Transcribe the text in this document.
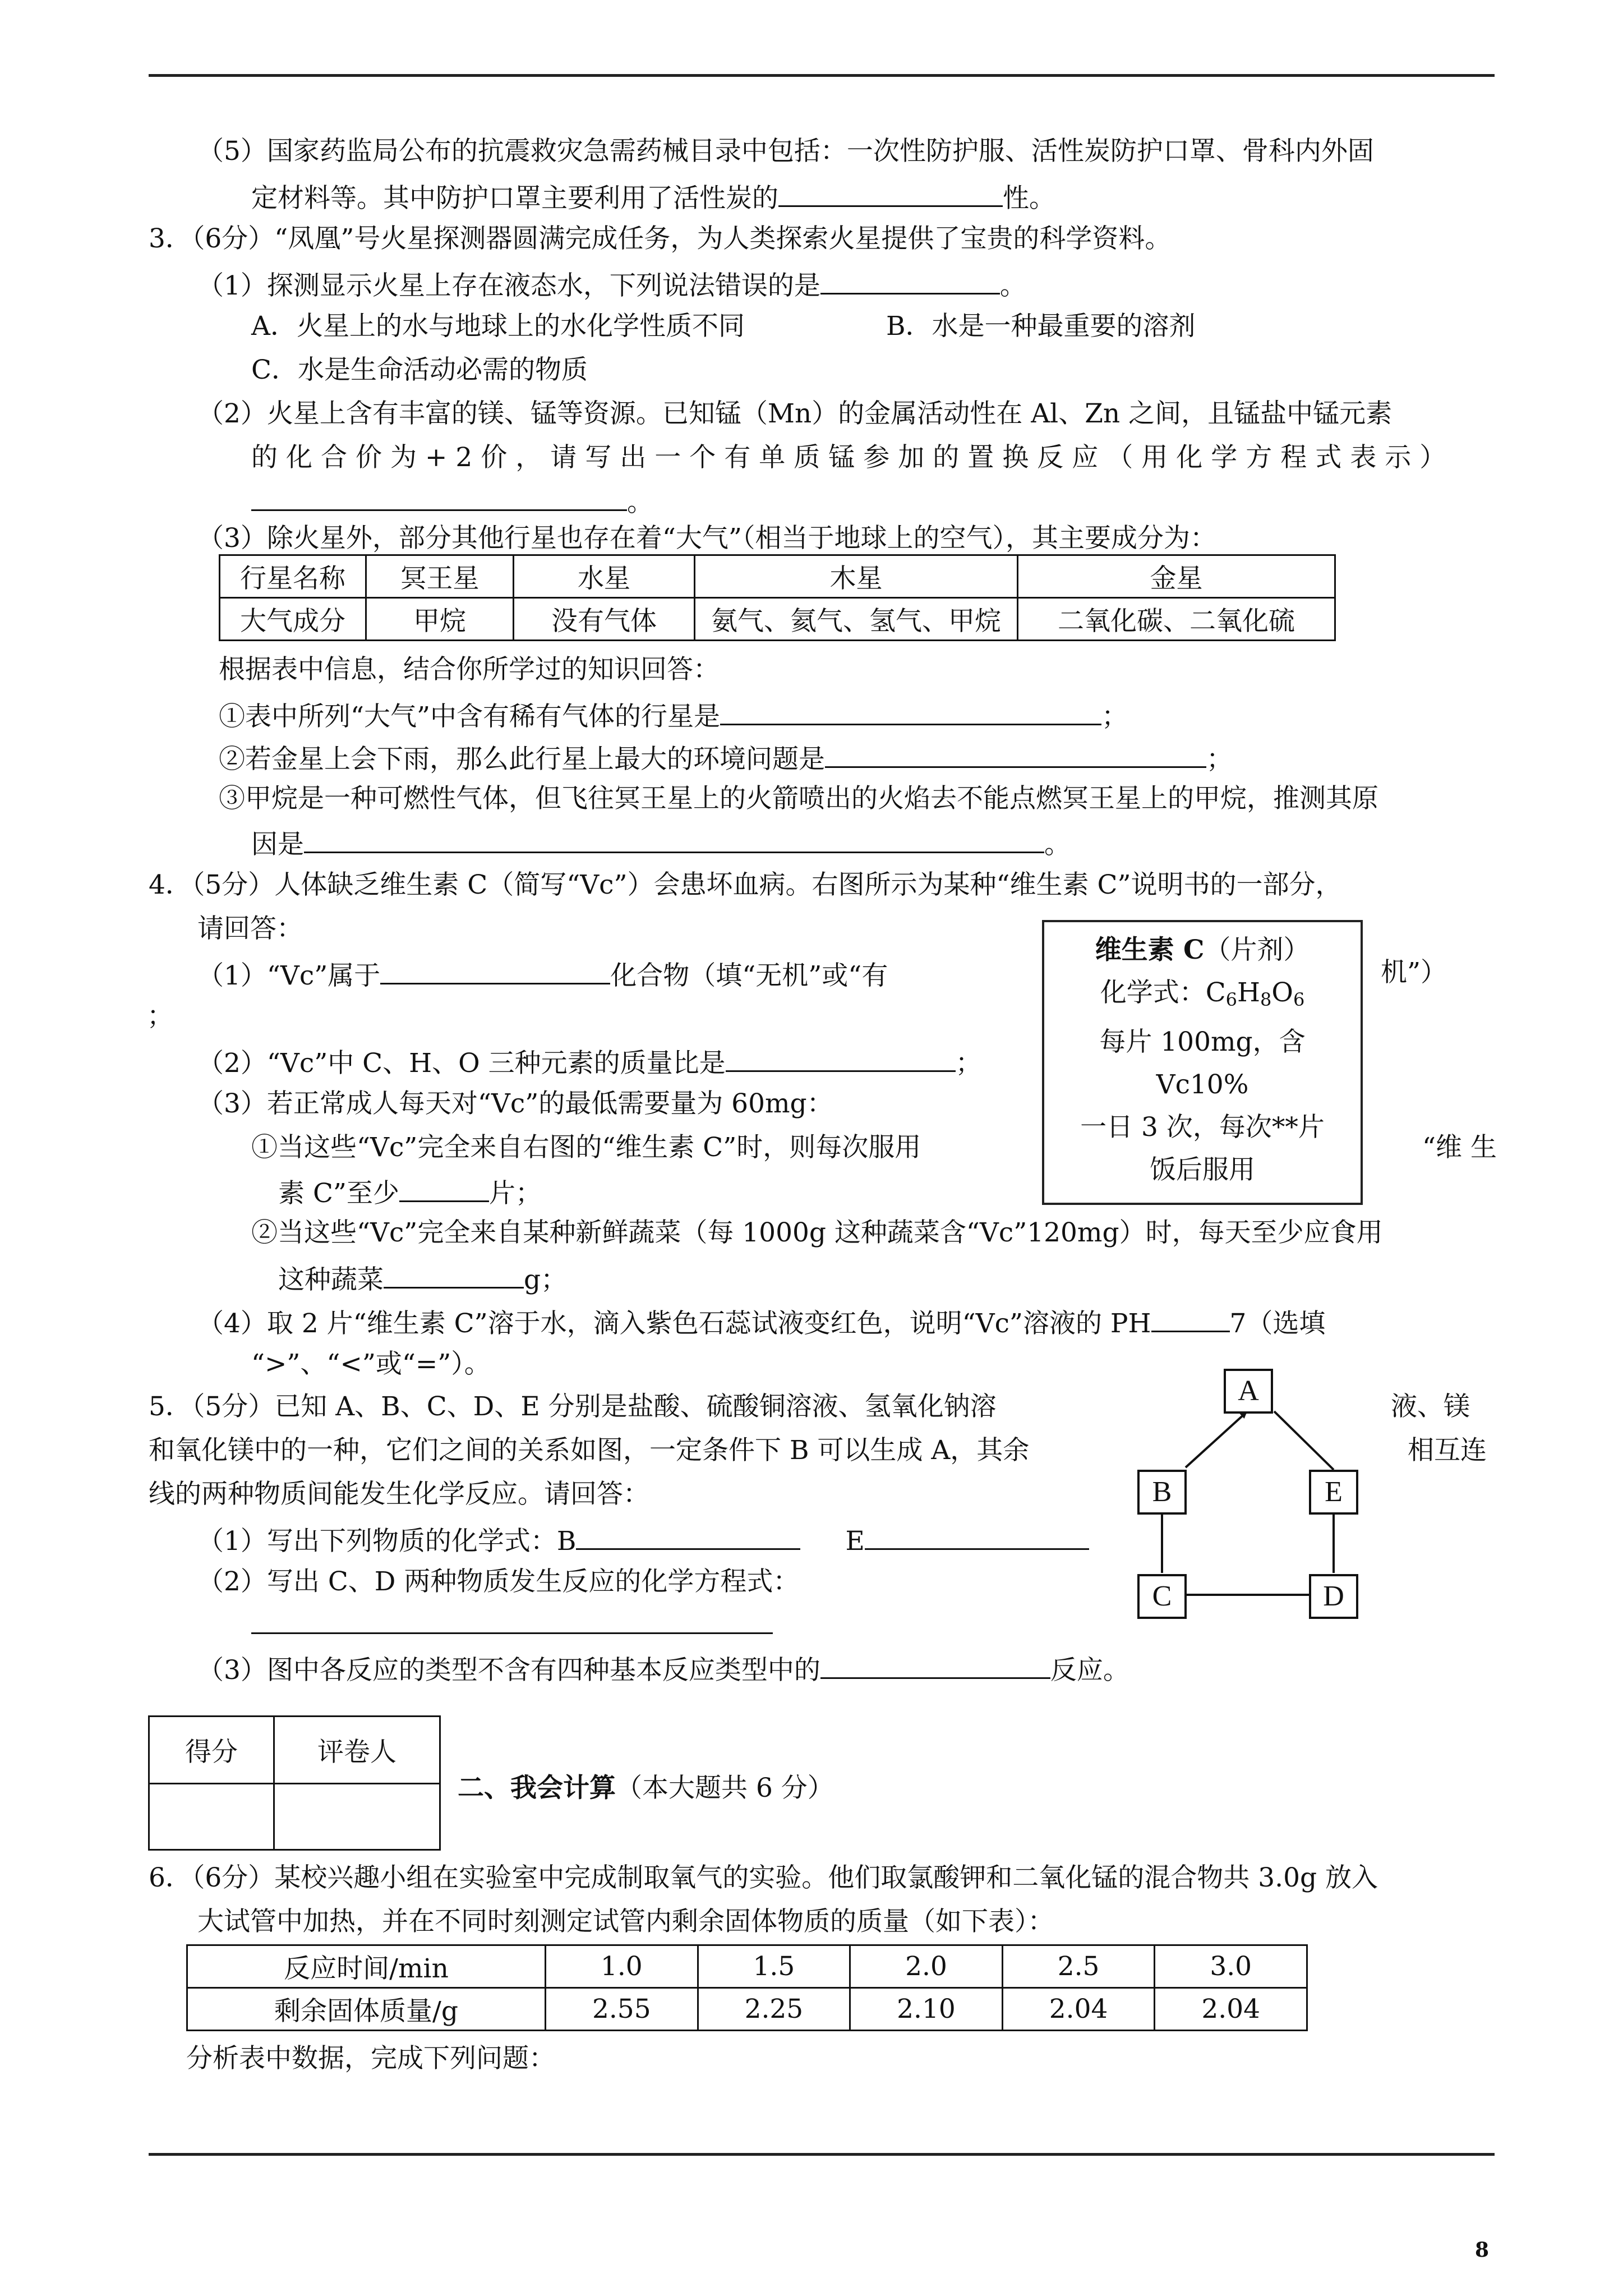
（5）国家药监局公布的抗震救灾急需药械目录中包括：一次性防护服、活性炭防护口罩、骨科内外固
定材料等。其中防护口罩主要利用了活性炭的	性。
3．（6分）“凤凰”号火星探测器圆满完成任务，为人类探索火星提供了宝贵的科学资料。
（1）探测显示火星上存在液态水，下列说法错误的是	。
A．火星上的水与地球上的水化学性质不同	B．水是一种最重要的溶剂
C．水是生命活动必需的物质
（2）火星上含有丰富的镁、锰等资源。已知锰（Mn）的金属活动性在 Al、Zn 之间，且锰盐中锰元素
的化合价为+2价，请写出一个有单质锰参加的置换反应（用化学方程式表示）
。
（3）除火星外，部分其他行星也存在着“大气”（相当于地球上的空气），其主要成分为：
行星名称	冥王星	水星	木星	金星
大气成分	甲烷	没有气体	氨气、氦气、氢气、甲烷	二氧化碳、二氧化硫
根据表中信息，结合你所学过的知识回答：
①表中所列“大气”中含有稀有气体的行星是	；
②若金星上会下雨，那么此行星上最大的环境问题是	；
③甲烷是一种可燃性气体，但飞往冥王星上的火箭喷出的火焰去不能点燃冥王星上的甲烷，推测其原
因是	。
4．（5分）人体缺乏维生素 C（简写“Vc”）会患坏血病。右图所示为某种“维生素 C”说明书的一部分，
请回答：
（1）“Vc”属于	化合物（填“无机”或“有	机”）
；
（2）“Vc”中 C、H、O 三种元素的质量比是	；
（3）若正常成人每天对“Vc”的最低需要量为 60mg：
①当这些“Vc”完全来自右图的“维生素 C”时，则每次服用	“维 生
素 C”至少	片；
②当这些“Vc”完全来自某种新鲜蔬菜（每 1000g 这种蔬菜含“Vc”120mg）时，每天至少应食用
这种蔬菜	g；
（4）取 2 片“维生素 C”溶于水，滴入紫色石蕊试液变红色，说明“Vc”溶液的 PH	7（选填
“>”、“<”或“=”）。
维生素 C（片剂）
化学式：$C_6H_8O_6$
每片 100mg，含
Vc10%
一日 3 次，每次**片
饭后服用
5．（5分）已知 A、B、C、D、E 分别是盐酸、硫酸铜溶液、氢氧化钠溶	液、镁
和氧化镁中的一种，它们之间的关系如图，一定条件下 B 可以生成 A，其余	相互连
线的两种物质间能发生化学反应。请回答：
（1）写出下列物质的化学式：B	E
（2）写出 C、D 两种物质发生反应的化学方程式：
（3）图中各反应的类型不含有四种基本反应类型中的	反应。
A
B	E
C	D
得分	评卷人

二、我会计算（本大题共 6 分）
6．（6分）某校兴趣小组在实验室中完成制取氧气的实验。他们取氯酸钾和二氧化锰的混合物共 3.0g 放入
大试管中加热，并在不同时刻测定试管内剩余固体物质的质量（如下表）：
反应时间/min	1.0	1.5	2.0	2.5	3.0
剩余固体质量/g	2.55	2.25	2.10	2.04	2.04
分析表中数据，完成下列问题：
8
